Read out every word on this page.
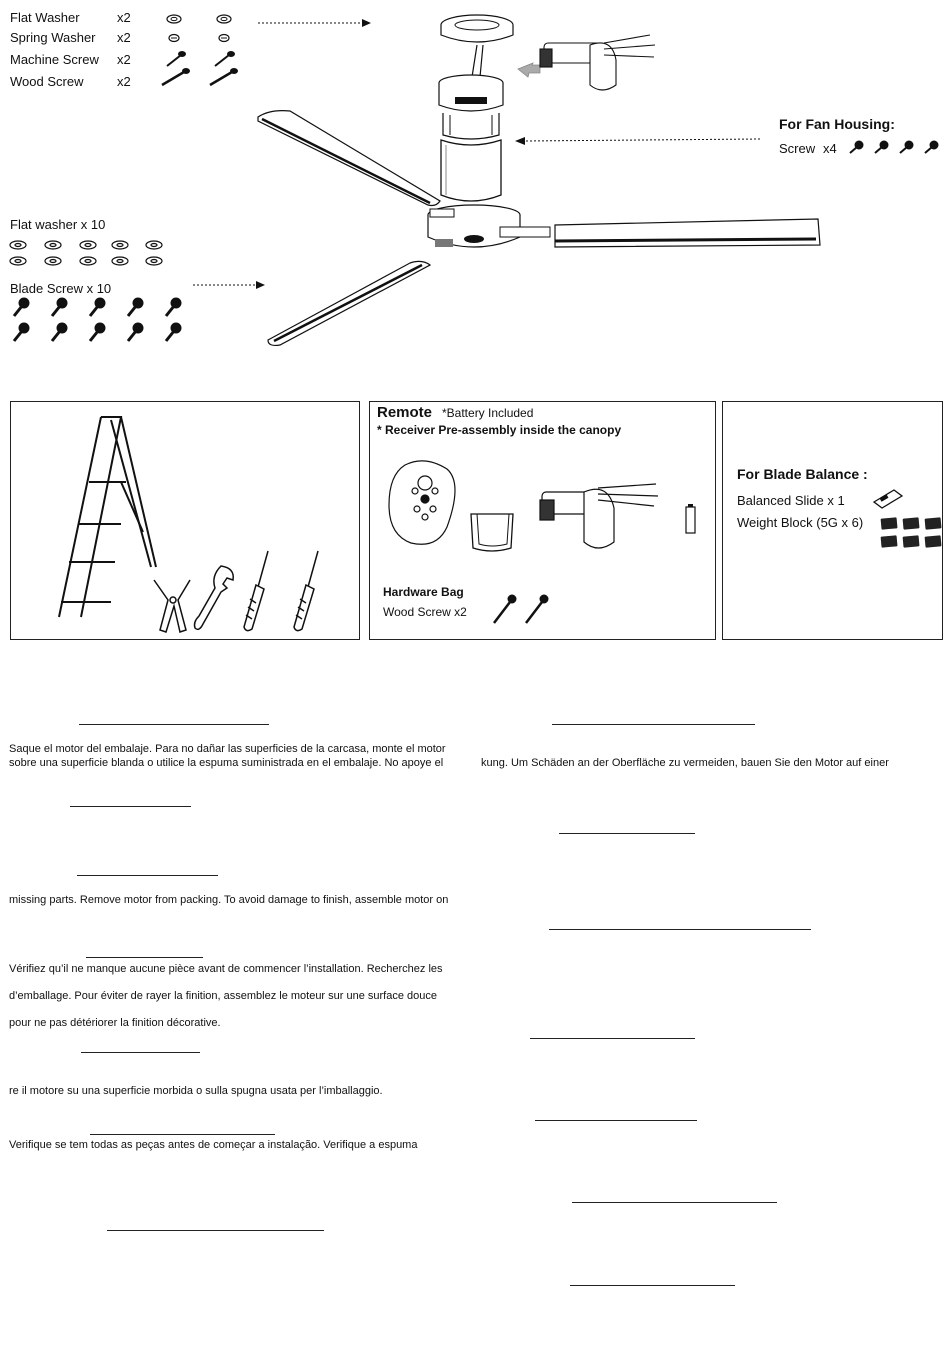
Flat Washer	x2
Spring Washer x2
Machine Screw x2
Wood Screw	x2
For Fan Housing:
Screw x4
Flat washer x 10
Blade Screw x 10
Remote *Battery Included
* Receiver Pre-assembly inside the canopy
Hardware Bag
Wood Screw x2
For Blade Balance :
Balanced Slide x 1
Weight Block (5G x 6)
Saque el motor del embalaje. Para no dañar las superficies de la carcasa, monte el motor
sobre una superficie blanda o utilice la espuma suministrada en el embalaje. No apoye el	kung. Um Schäden an der Oberfläche zu vermeiden, bauen Sie den Motor auf einer
missing parts. Remove motor from packing. To avoid damage to finish, assemble motor on
Vérifiez qu’il ne manque aucune pièce avant de commencer l’installation. Recherchez les
d’emballage. Pour éviter de rayer la finition, assemblez le moteur sur une surface douce
pour ne pas détériorer la finition décorative.
re il motore su una superficie morbida o sulla spugna usata per l’imballaggio.
Verifique se tem todas as peças antes de começar a instalação. Verifique a espuma
